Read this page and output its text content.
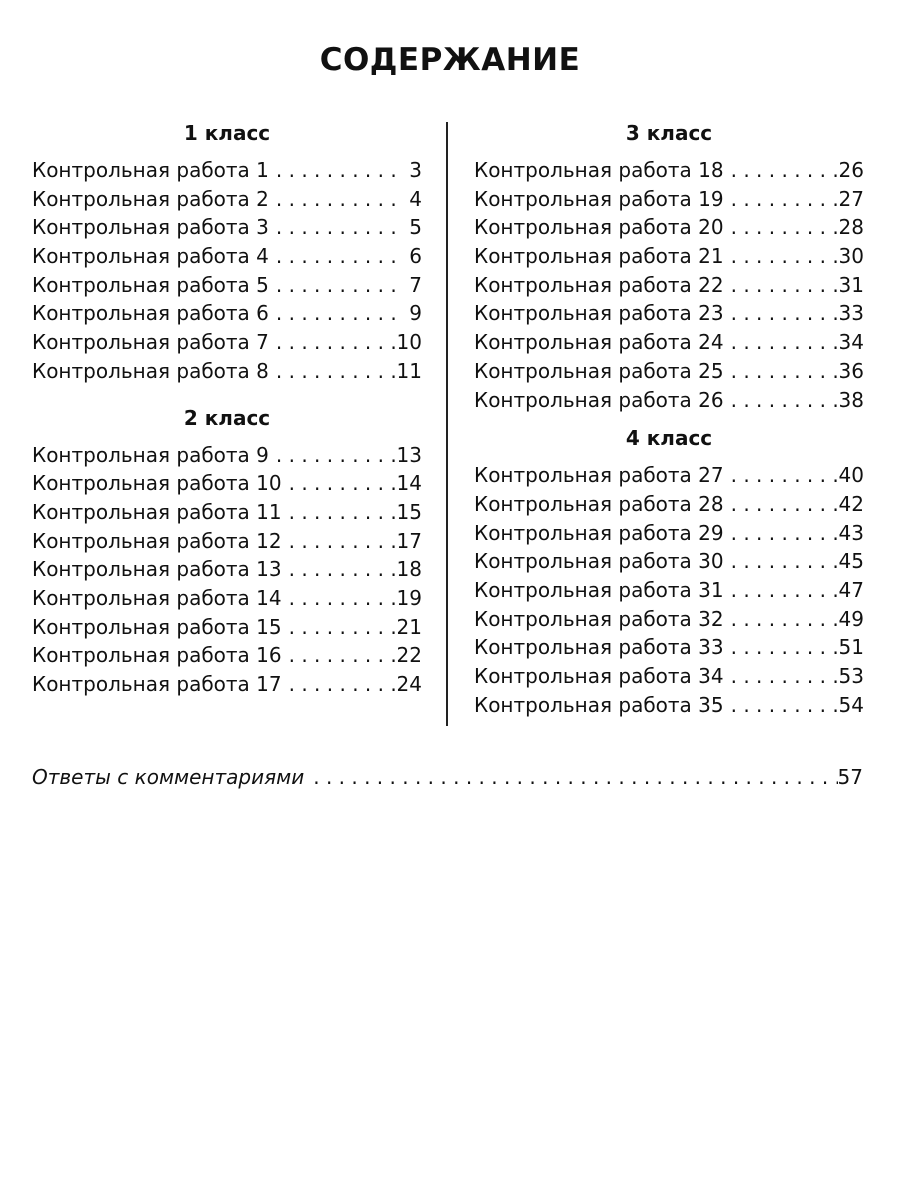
СОДЕРЖАНИЕ
1 класс
Контрольная работа 1 . . .	3
Контрольная работа 2 . . .	4
Контрольная работа 3 . . .	5
Контрольная работа 4 . . .	6
Контрольная работа 5 . . .	7
Контрольная работа 6 . . .	9
Контрольная работа 7 . . .	10
Контрольная работа 8 . . .	11
2 класс
Контрольная работа 9 . . .	13
Контрольная работа 10 . . .	14
Контрольная работа 11 . . .	15
Контрольная работа 12 . . .	17
Контрольная работа 13 . . .	18
Контрольная работа 14 . . .	19
Контрольная работа 15 . . .	21
Контрольная работа 16 . . .	22
Контрольная работа 17 . . .	24
3 класс
Контрольная работа 18 . . .	26
Контрольная работа 19 . . .	27
Контрольная работа 20 . . .	28
Контрольная работа 21 . . .	30
Контрольная работа 22 . . .	31
Контрольная работа 23 . . .	33
Контрольная работа 24 . . .	34
Контрольная работа 25 . . .	36
Контрольная работа 26 . . .	38
4 класс
Контрольная работа 27 . . .	40
Контрольная работа 28 . . .	42
Контрольная работа 29 . . .	43
Контрольная работа 30 . . .	45
Контрольная работа 31 . . .	47
Контрольная работа 32 . . .	49
Контрольная работа 33 . . .	51
Контрольная работа 34 . . .	53
Контрольная работа 35 . . .	54
Ответы с комментариями . . .	57
